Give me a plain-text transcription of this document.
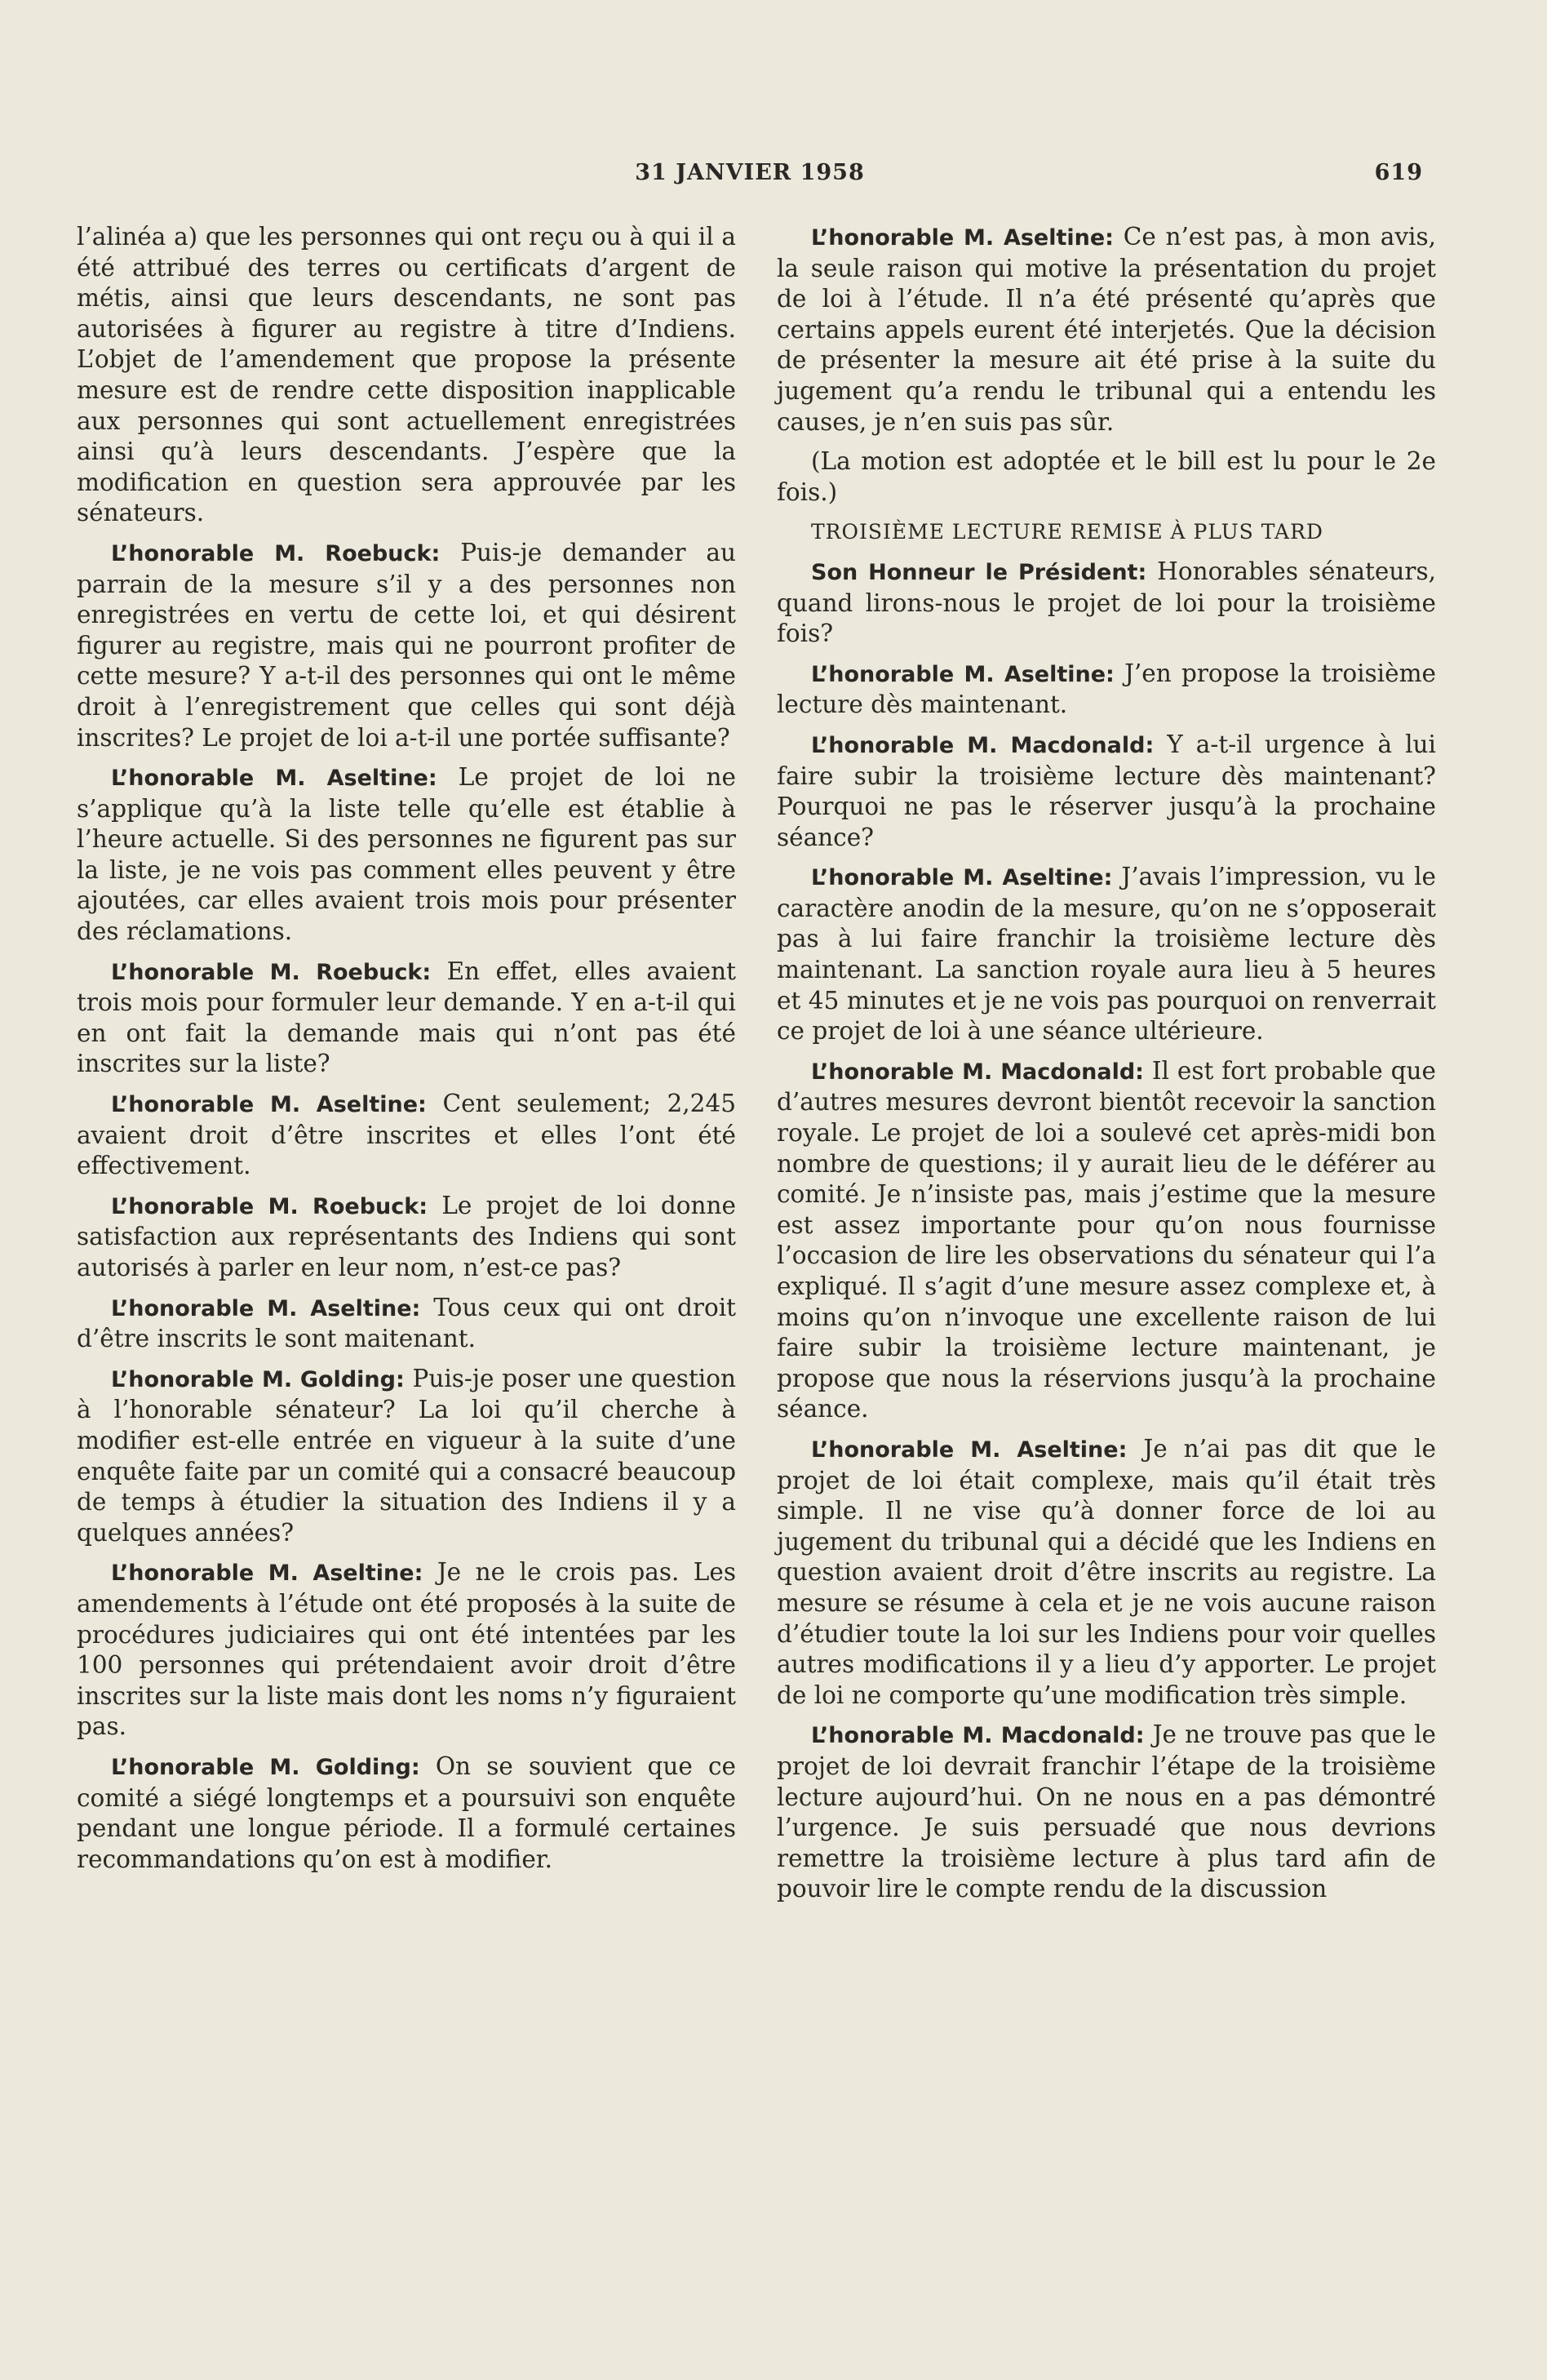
31 JANVIER 1958	619

l’alinéa a) que les personnes qui ont reçu ou à qui il a été attribué des terres ou certificats d’argent de métis, ainsi que leurs descendants, ne sont pas autorisées à figurer au registre à titre d’Indiens. L’objet de l’amendement que propose la présente mesure est de rendre cette disposition inapplicable aux personnes qui sont actuellement enregistrées ainsi qu’à leurs descendants. J’espère que la modification en question sera approuvée par les sénateurs.

L’honorable M. Roebuck: Puis-je demander au parrain de la mesure s’il y a des personnes non enregistrées en vertu de cette loi, et qui désirent figurer au registre, mais qui ne pourront profiter de cette mesure? Y a-t-il des personnes qui ont le même droit à l’enregistrement que celles qui sont déjà inscrites? Le projet de loi a-t-il une portée suffisante?

L’honorable M. Aseltine: Le projet de loi ne s’applique qu’à la liste telle qu’elle est établie à l’heure actuelle. Si des personnes ne figurent pas sur la liste, je ne vois pas comment elles peuvent y être ajoutées, car elles avaient trois mois pour présenter des réclamations.

L’honorable M. Roebuck: En effet, elles avaient trois mois pour formuler leur demande. Y en a-t-il qui en ont fait la demande mais qui n’ont pas été inscrites sur la liste?

L’honorable M. Aseltine: Cent seulement; 2,245 avaient droit d’être inscrites et elles l’ont été effectivement.

L’honorable M. Roebuck: Le projet de loi donne satisfaction aux représentants des Indiens qui sont autorisés à parler en leur nom, n’est-ce pas?

L’honorable M. Aseltine: Tous ceux qui ont droit d’être inscrits le sont maitenant.

L’honorable M. Golding: Puis-je poser une question à l’honorable sénateur? La loi qu’il cherche à modifier est-elle entrée en vigueur à la suite d’une enquête faite par un comité qui a consacré beaucoup de temps à étudier la situation des Indiens il y a quelques années?

L’honorable M. Aseltine: Je ne le crois pas. Les amendements à l’étude ont été proposés à la suite de procédures judiciaires qui ont été intentées par les 100 personnes qui prétendaient avoir droit d’être inscrites sur la liste mais dont les noms n’y figuraient pas.

L’honorable M. Golding: On se souvient que ce comité a siégé longtemps et a poursuivi son enquête pendant une longue période. Il a formulé certaines recommandations qu’on est à modifier.

L’honorable M. Aseltine: Ce n’est pas, à mon avis, la seule raison qui motive la présentation du projet de loi à l’étude. Il n’a été présenté qu’après que certains appels eurent été interjetés. Que la décision de présenter la mesure ait été prise à la suite du jugement qu’a rendu le tribunal qui a entendu les causes, je n’en suis pas sûr.

(La motion est adoptée et le bill est lu pour le 2e fois.)

TROISIÈME LECTURE REMISE À PLUS TARD

Son Honneur le Président: Honorables sénateurs, quand lirons-nous le projet de loi pour la troisième fois?

L’honorable M. Aseltine: J’en propose la troisième lecture dès maintenant.

L’honorable M. Macdonald: Y a-t-il urgence à lui faire subir la troisième lecture dès maintenant? Pourquoi ne pas le réserver jusqu’à la prochaine séance?

L’honorable M. Aseltine: J’avais l’impression, vu le caractère anodin de la mesure, qu’on ne s’opposerait pas à lui faire franchir la troisième lecture dès maintenant. La sanction royale aura lieu à 5 heures et 45 minutes et je ne vois pas pourquoi on renverrait ce projet de loi à une séance ultérieure.

L’honorable M. Macdonald: Il est fort probable que d’autres mesures devront bientôt recevoir la sanction royale. Le projet de loi a soulevé cet après-midi bon nombre de questions; il y aurait lieu de le déférer au comité. Je n’insiste pas, mais j’estime que la mesure est assez importante pour qu’on nous fournisse l’occasion de lire les observations du sénateur qui l’a expliqué. Il s’agit d’une mesure assez complexe et, à moins qu’on n’invoque une excellente raison de lui faire subir la troisième lecture maintenant, je propose que nous la réservions jusqu’à la prochaine séance.

L’honorable M. Aseltine: Je n’ai pas dit que le projet de loi était complexe, mais qu’il était très simple. Il ne vise qu’à donner force de loi au jugement du tribunal qui a décidé que les Indiens en question avaient droit d’être inscrits au registre. La mesure se résume à cela et je ne vois aucune raison d’étudier toute la loi sur les Indiens pour voir quelles autres modifications il y a lieu d’y apporter. Le projet de loi ne comporte qu’une modification très simple.

L’honorable M. Macdonald: Je ne trouve pas que le projet de loi devrait franchir l’étape de la troisième lecture aujourd’hui. On ne nous en a pas démontré l’urgence. Je suis persuadé que nous devrions remettre la troisième lecture à plus tard afin de pouvoir lire le compte rendu de la discussion
